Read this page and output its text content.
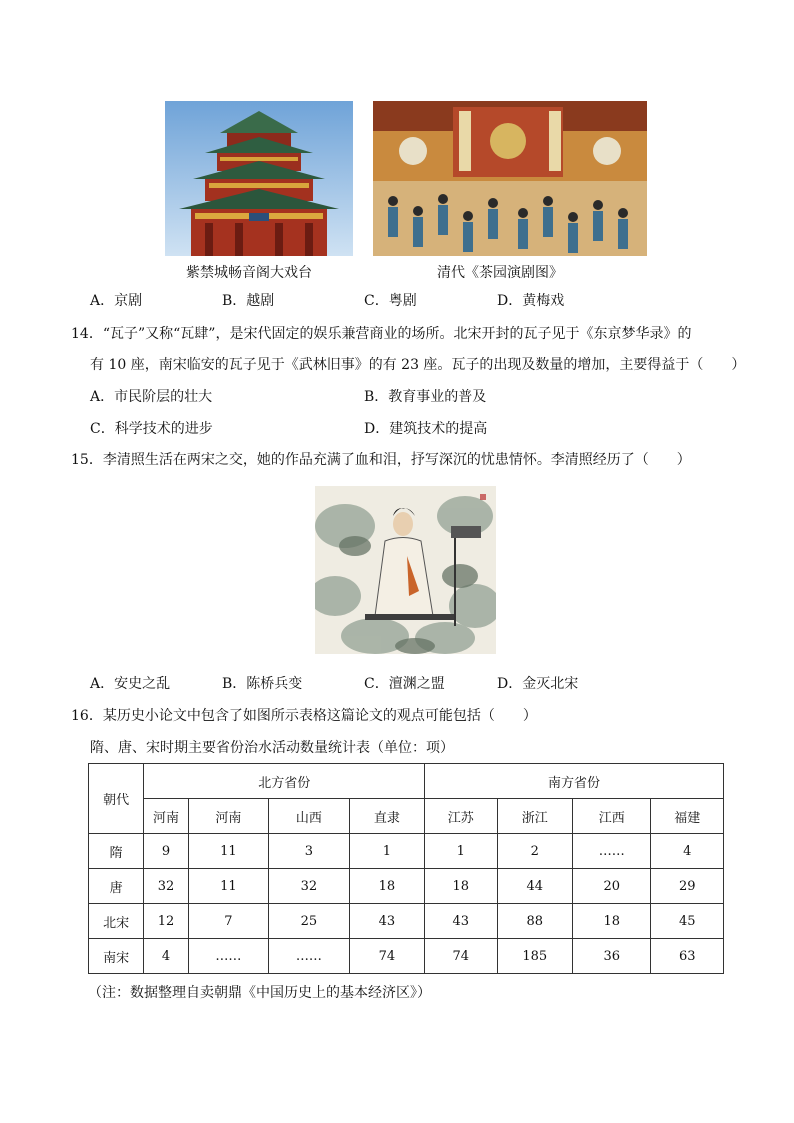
紫禁城畅音阁大戏台	清代《茶园演剧图》
A．京剧	B．越剧	C．粤剧	D．黄梅戏
14．“瓦子”又称“瓦肆”，是宋代固定的娱乐兼营商业的场所。北宋开封的瓦子见于《东京梦华录》的
有 10 座，南宋临安的瓦子见于《武林旧事》的有 23 座。瓦子的出现及数量的增加，主要得益于（　　）
A．市民阶层的壮大	B．教育事业的普及
C．科学技术的进步	D．建筑技术的提高
15．李清照生活在两宋之交，她的作品充满了血和泪，抒写深沉的忧患情怀。李清照经历了（　　）
A．安史之乱	B．陈桥兵变	C．澶渊之盟	D．金灭北宋
16．某历史小论文中包含了如图所示表格这篇论文的观点可能包括（　　）
隋、唐、宋时期主要省份治水活动数量统计表（单位：项）
朝代	北方省份				南方省份			
	河南	河南	山西	直隶	江苏	浙江	江西	福建
隋	9	11	3	1	1	2	……	4
唐	32	11	32	18	18	44	20	29
北宋	12	7	25	43	43	88	18	45
南宋	4	……	……	74	74	185	36	63
（注：数据整理自卖朝鼎《中国历史上的基本经济区》）
